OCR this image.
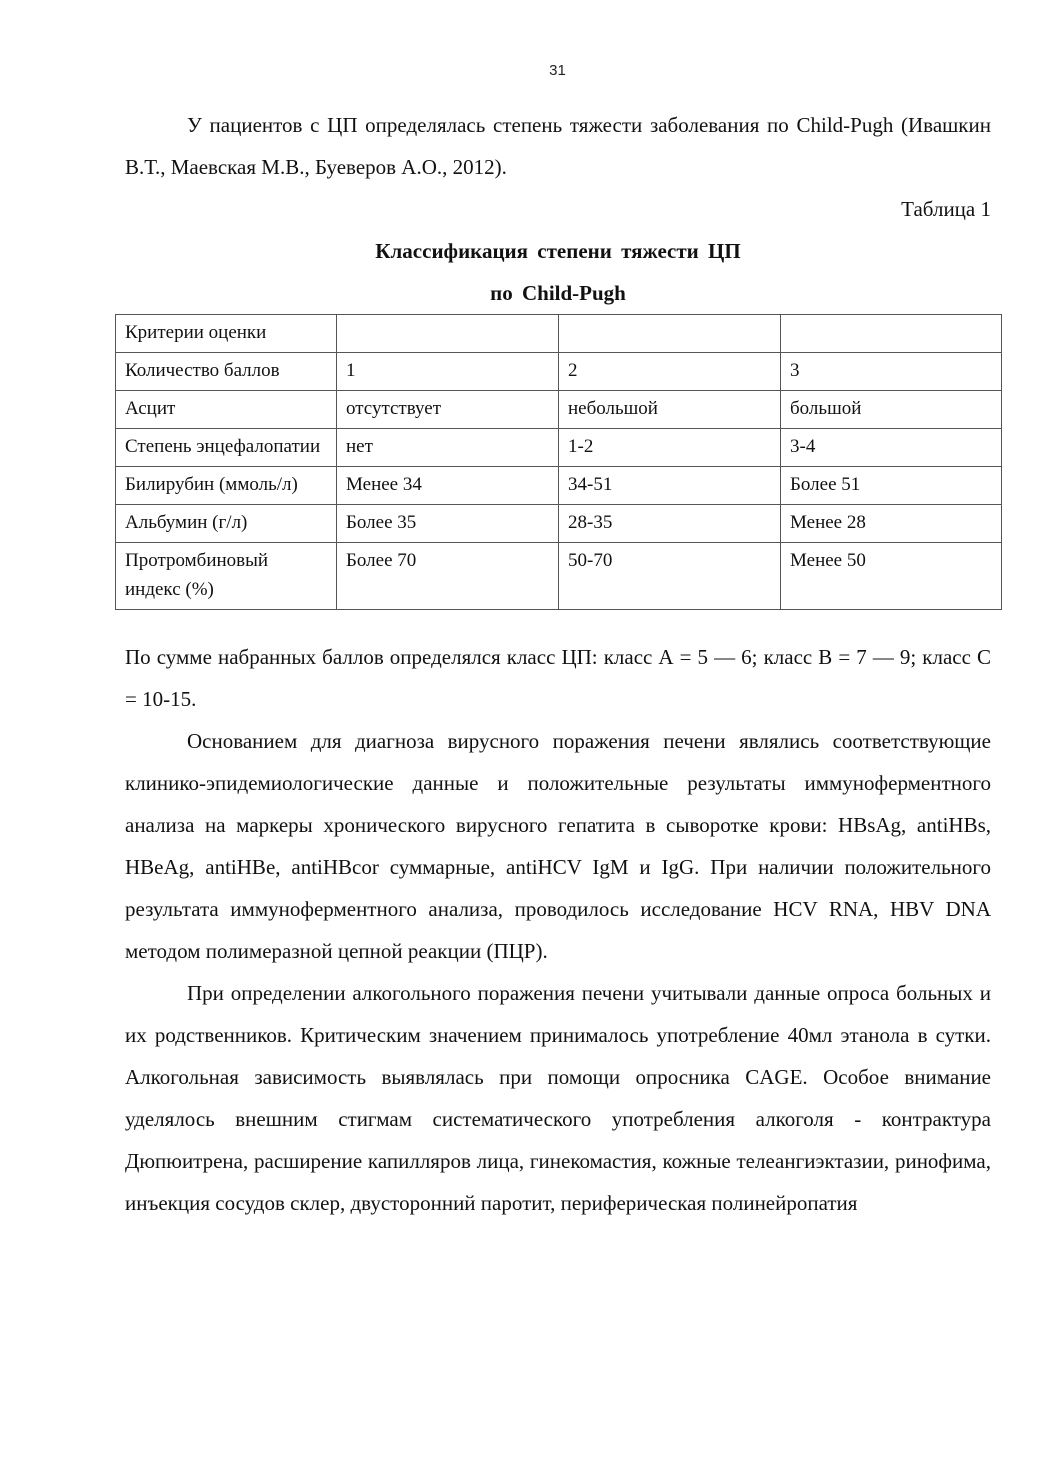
31

У пациентов с ЦП определялась степень тяжести заболевания по Child-Pugh (Ивашкин В.Т., Маевская М.В., Буеверов А.О., 2012).

Таблица 1

Классификация степени тяжести ЦП

по Child-Pugh

Критерии оценки			
Количество баллов	1	2	3
Асцит	отсутствует	небольшой	большой
Степень энцефалопатии	нет	1-2	3-4
Билирубин (ммоль/л)	Менее 34	34-51	Более 51
Альбумин (г/л)	Более 35	28-35	Менее 28
Протромбиновый индекс (%)	Более 70	50-70	Менее 50

По сумме набранных баллов определялся класс ЦП: класс А = 5 — 6; класс В = 7 — 9; класс С = 10-15.

Основанием для диагноза вирусного поражения печени являлись соответствующие клинико-эпидемиологические данные и положительные результаты иммуноферментного анализа на маркеры хронического вирусного гепатита в сыворотке крови: HBsAg, antiHBs, HBeAg, antiHBe, antiHBcor суммарные, antiHCV IgM и IgG. При наличии положительного результата иммуноферментного анализа, проводилось исследование HCV RNA, HBV DNA методом полимеразной цепной реакции (ПЦР).

При определении алкогольного поражения печени учитывали данные опроса больных и их родственников. Критическим значением принималось употребление 40мл этанола в сутки. Алкогольная зависимость выявлялась при помощи опросника CAGE. Особое внимание уделялось внешним стигмам систематического употребления алкоголя - контрактура Дюпюитрена, расширение капилляров лица, гинекомастия, кожные телеангиэктазии, ринофима, инъекция сосудов склер, двусторонний паротит, периферическая полинейропатия
